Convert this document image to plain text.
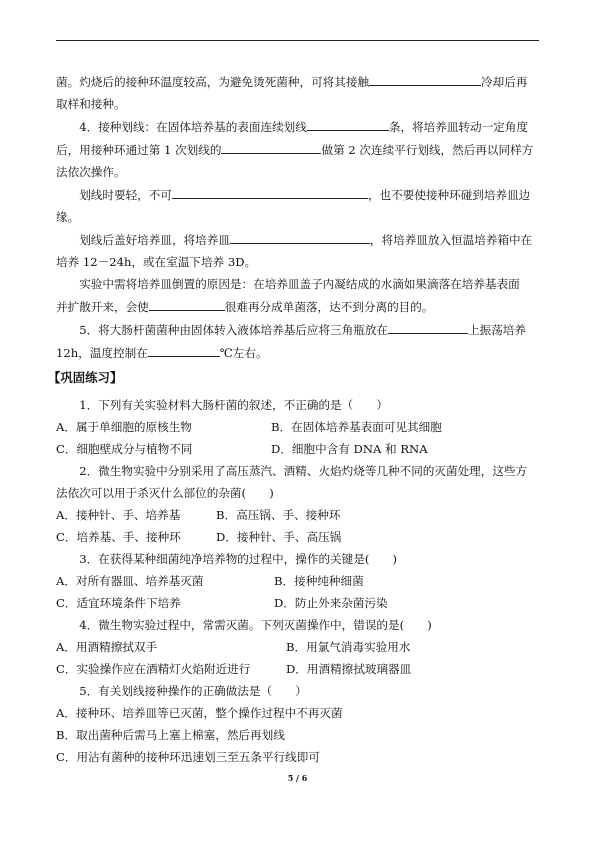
菌。灼烧后的接种环温度较高，为避免烫死菌种，可将其接触	冷却后再

取样和接种。

4．接种划线：在固体培养基的表面连续划线	条，将培养皿转动一定角度

后，用接种环通过第 1 次划线的	做第 2 次连续平行划线，然后再以同样方

法依次操作。

划线时要轻，不可	，也不要使接种环碰到培养皿边

缘。

划线后盖好培养皿，将培养皿	，将培养皿放入恒温培养箱中在

培养 12－24h，或在室温下培养 3D。

实验中需将培养皿倒置的原因是：在培养皿盖子内凝结成的水滴如果滴落在培养基表面

并扩散开来，会使	很难再分成单菌落，达不到分离的目的。

5．将大肠杆菌菌种由固体转入液体培养基后应将三角瓶放在	上振荡培养

12h，温度控制在	℃左右。

【巩固练习】

1．下列有关实验材料大肠杆菌的叙述，不正确的是（　　）

A．属于单细胞的原核生物	B．在固体培养基表面可见其细胞
C．细胞壁成分与植物不同	D．细胞中含有 DNA 和 RNA

2．微生物实验中分别采用了高压蒸汽、酒精、火焰灼烧等几种不同的灭菌处理，这些方

法依次可以用于杀灭什么部位的杂菌(　　)

A．接种针、手、培养基	B．高压锅、手、接种环
C．培养基、手、接种环	D．接种针、手、高压锅

3．在获得某种细菌纯净培养物的过程中，操作的关键是(　　)

A．对所有器皿、培养基灭菌	B．接种纯种细菌
C．适宜环境条件下培养	D．防止外来杂菌污染

4．微生物实验过程中，常需灭菌。下列灭菌操作中，错误的是(　　)

A．用酒精擦拭双手	B．用氯气消毒实验用水
C．实验操作应在酒精灯火焰附近进行	D．用酒精擦拭玻璃器皿

5．有关划线接种操作的正确做法是（　　）

A．接种环、培养皿等已灭菌，整个操作过程中不再灭菌

B．取出菌种后需马上塞上棉塞，然后再划线

C．用沾有菌种的接种环迅速划三至五条平行线即可

5 / 6
